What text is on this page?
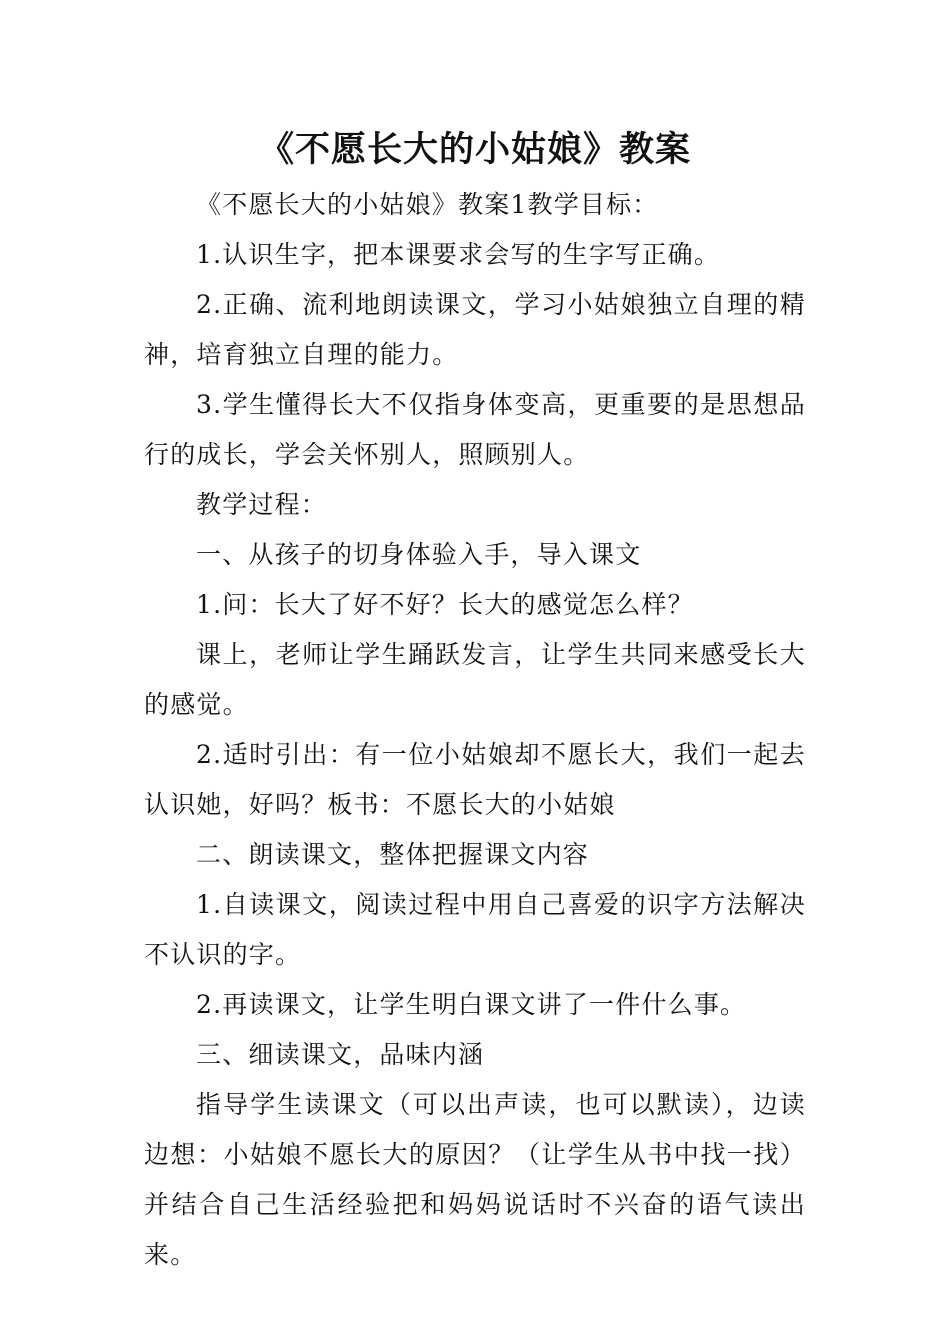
《不愿长大的小姑娘》教案

《不愿长大的小姑娘》教案1教学目标：

1.认识生字，把本课要求会写的生字写正确。

2.正确、流利地朗读课文，学习小姑娘独立自理的精神，培育独立自理的能力。

3.学生懂得长大不仅指身体变高，更重要的是思想品行的成长，学会关怀别人，照顾别人。

教学过程：

一、从孩子的切身体验入手，导入课文

1.问：长大了好不好？长大的感觉怎么样？

课上，老师让学生踊跃发言，让学生共同来感受长大的感觉。

2.适时引出：有一位小姑娘却不愿长大，我们一起去认识她，好吗？板书：不愿长大的小姑娘

二、朗读课文，整体把握课文内容

1.自读课文，阅读过程中用自己喜爱的识字方法解决不认识的字。

2.再读课文，让学生明白课文讲了一件什么事。

三、细读课文，品味内涵

指导学生读课文（可以出声读，也可以默读），边读边想：小姑娘不愿长大的原因？（让学生从书中找一找）并结合自己生活经验把和妈妈说话时不兴奋的语气读出来。
